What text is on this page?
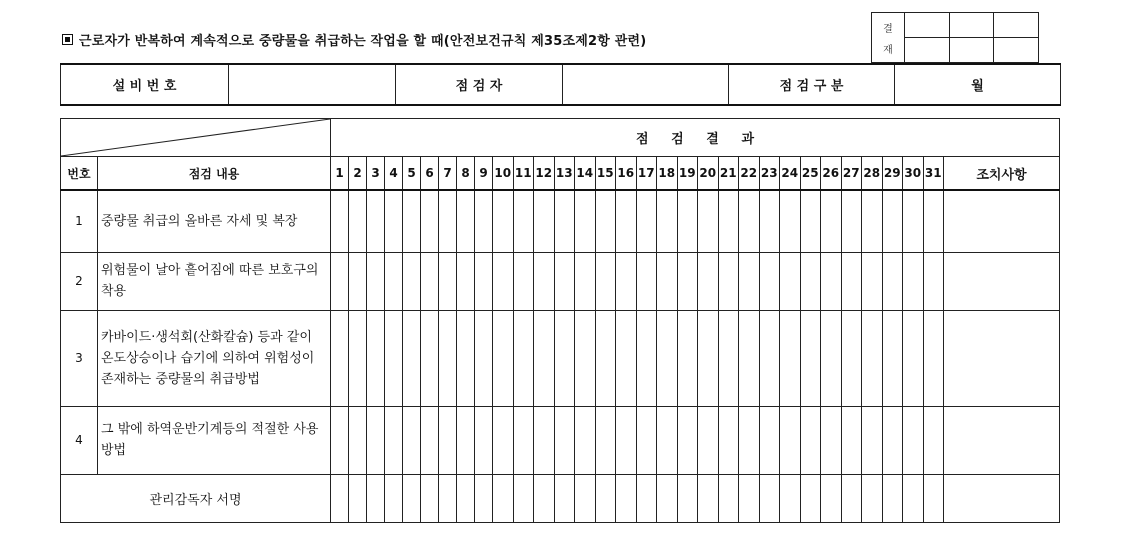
근로자가 반복하여 계속적으로 중량물을 취급하는 작업을 할 때(안전보건규칙 제35조제2항 관련)
결
재			

설 비 번 호		점 검 자		점 검 구 분	월
	점     검     결     과																															
번호	점검 내용	1	2	3	4	5	6	7	8	9	10	11	12	13	14	15	16	17	18	19	20	21	22	23	24	25	26	27	28	29	30	31	조치사항
1	중량물 취급의 올바른 자세 및 복장																																
2	위험물이 날아 흩어짐에 따른 보호구의 착용																																
3	카바이드·생석회(산화칼슘) 등과 같이 온도상승이나 습기에 의하여 위험성이 존재하는 중량물의 취급방법																																
4	그 밖에 하역운반기계등의 적절한 사용방법																																
관리감독자 서명																																	
